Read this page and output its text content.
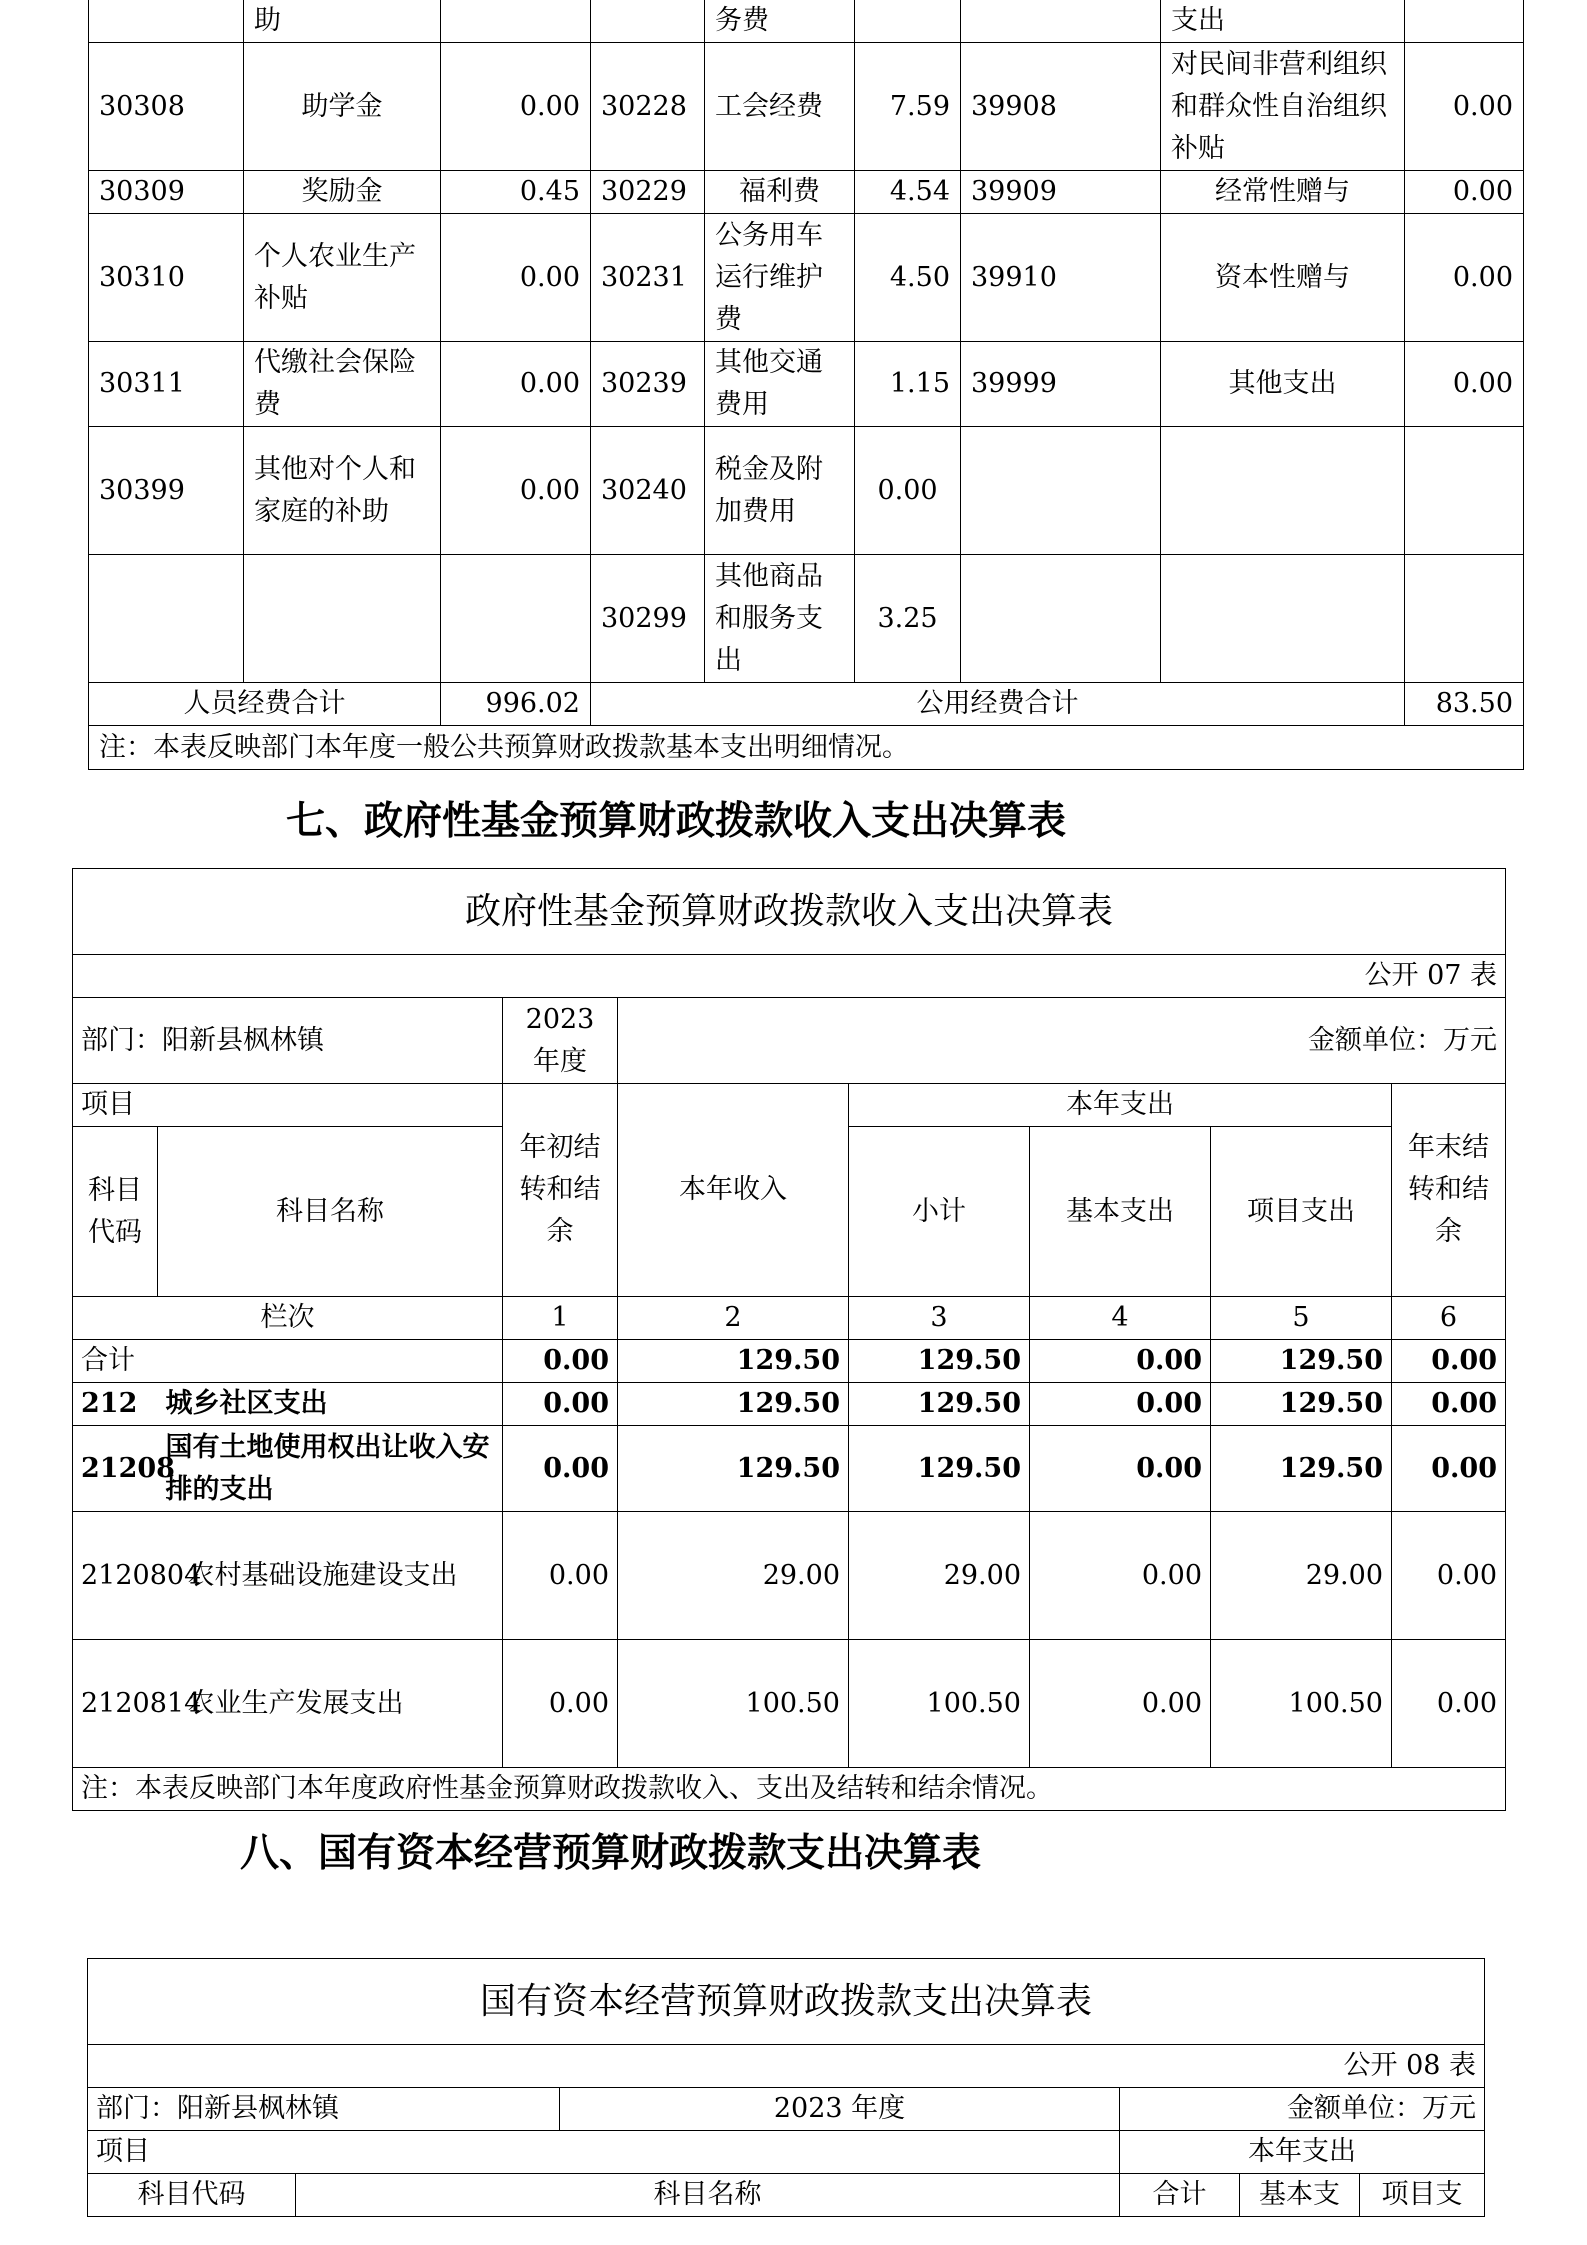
	助			务费			支出	
30308	助学金	0.00	30228	工会经费	7.59	39908	对民间非营利组织和群众性自治组织补贴	0.00
30309	奖励金	0.45	30229	福利费	4.54	39909	经常性赠与	0.00
30310	个人农业生产补贴	0.00	30231	公务用车运行维护费	4.50	39910	资本性赠与	0.00
30311	代缴社会保险费	0.00	30239	其他交通费用	1.15	39999	其他支出	0.00
30399	其他对个人和家庭的补助	0.00	30240	税金及附加费用	0.00			
			30299	其他商品和服务支出	3.25			
人员经费合计		996.02	公用经费合计					83.50
注：本表反映部门本年度一般公共预算财政拨款基本支出明细情况。								
七、政府性基金预算财政拨款收入支出决算表
政府性基金预算财政拨款收入支出决算表							
公开 07 表							
部门：阳新县枫林镇		2023 年度	金额单位：万元				
项目		年初结转和结余	本年收入	本年支出			年末结转和结余
科目代码	科目名称			小计	基本支出	项目支出	
栏次		1	2	3	4	5	6
合计		0.00	129.50	129.50	0.00	129.50	0.00
212	城乡社区支出	0.00	129.50	129.50	0.00	129.50	0.00
21208	国有土地使用权出让收入安排的支出	0.00	129.50	129.50	0.00	129.50	0.00
2120804	农村基础设施建设支出	0.00	29.00	29.00	0.00	29.00	0.00
2120814	农业生产发展支出	0.00	100.50	100.50	0.00	100.50	0.00
注：本表反映部门本年度政府性基金预算财政拨款收入、支出及结转和结余情况。							
八、国有资本经营预算财政拨款支出决算表
国有资本经营预算财政拨款支出决算表					
公开 08 表					
部门：阳新县枫林镇		2023 年度	金额单位：万元		
项目			本年支出		
科目代码	科目名称		合计	基本支	项目支
